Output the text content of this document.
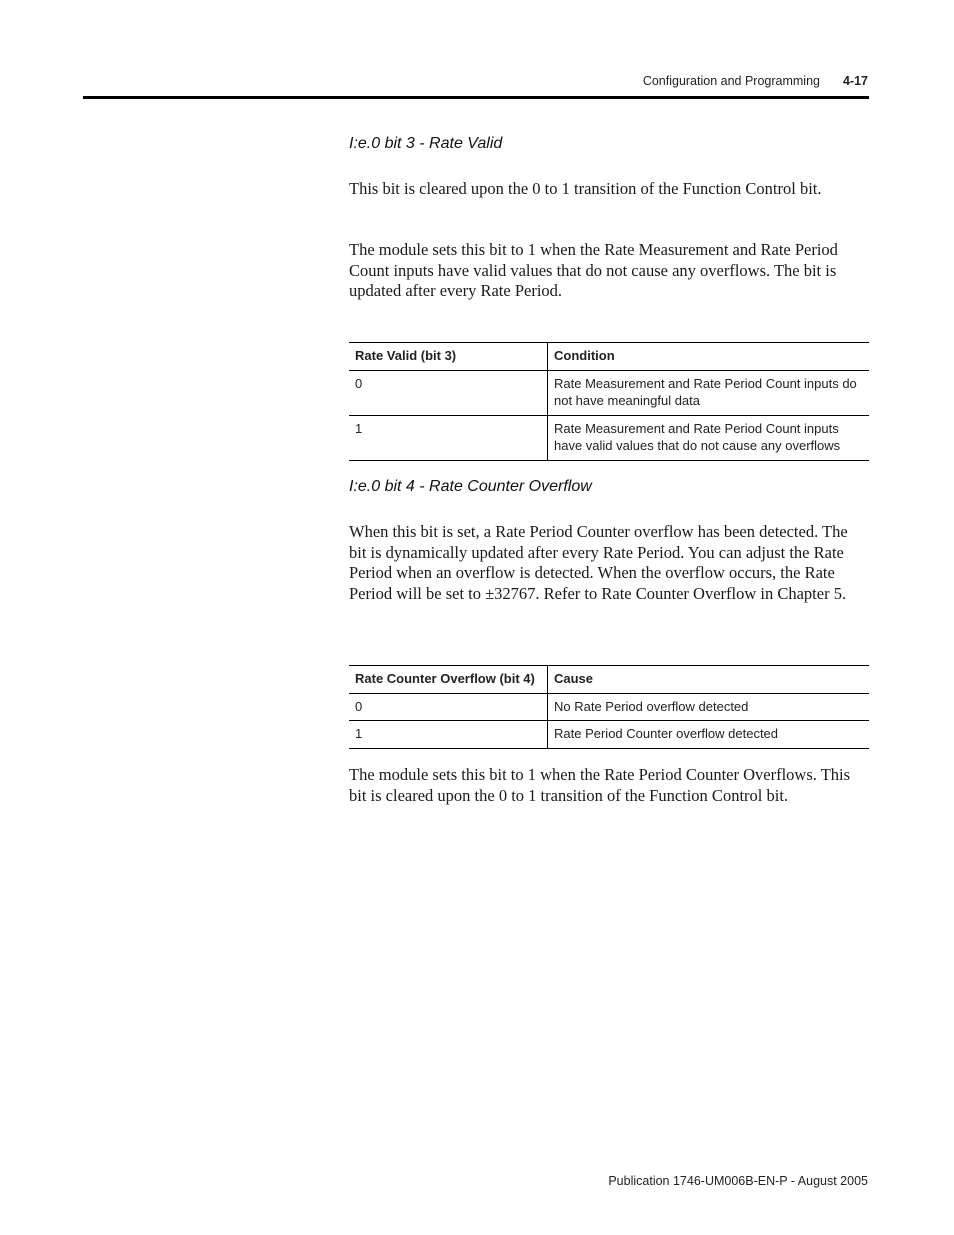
Configuration and Programming 4-17
I:e.0 bit 3 - Rate Valid
This bit is cleared upon the 0 to 1 transition of the Function Control bit.
The module sets this bit to 1 when the Rate Measurement and Rate Period Count inputs have valid values that do not cause any overflows. The bit is updated after every Rate Period.
Rate Valid (bit 3)	Condition
0	Rate Measurement and Rate Period Count inputs do not have meaningful data
1	Rate Measurement and Rate Period Count inputs have valid values that do not cause any overflows
I:e.0 bit 4 - Rate Counter Overflow
When this bit is set, a Rate Period Counter overflow has been detected. The bit is dynamically updated after every Rate Period. You can adjust the Rate Period when an overflow is detected. When the overflow occurs, the Rate Period will be set to ±32767. Refer to Rate Counter Overflow in Chapter 5.
Rate Counter Overflow (bit 4)	Cause
0	No Rate Period overflow detected
1	Rate Period Counter overflow detected
The module sets this bit to 1 when the Rate Period Counter Overflows. This bit is cleared upon the 0 to 1 transition of the Function Control bit.
Publication 1746-UM006B-EN-P - August 2005
